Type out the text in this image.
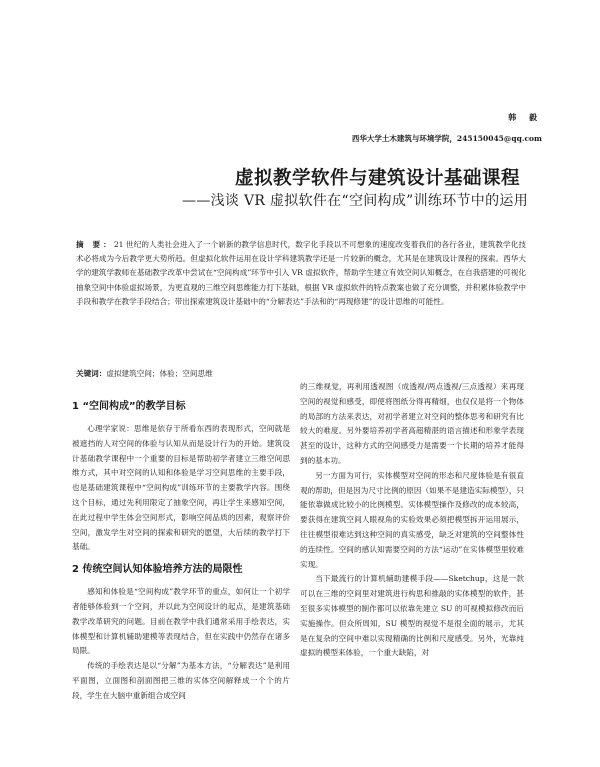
韩 毅
西华大学土木建筑与环境学院，245150045@qq.com
虚拟教学软件与建筑设计基础课程
——浅谈 VR 虚拟软件在“空间构成”训练环节中的运用
摘 要：21 世纪的人类社会进入了一个崭新的教学信息时代，数字化手段以不可想象的速度改变着我们的各行各业，建筑教学化技术必将成为今后教学更大势所趋。但虚拟化软件运用在设计学科建筑教学还是一片较新的概念，尤其是在建筑设计课程的探索。西华大学的建筑学教师在基础教学改革中尝试在“空间构成”环节中引入 VR 虚拟软件，帮助学生建立有效空间认知概念，在自我搭建的可视化抽象空间中体验虚拟场景，为更直观的三维空间思维能力打下基础，根据 VR 虚拟软件的特点教案也做了充分调整，并积累体验教学中手段和教学在教学手段结合；带出探索建筑设计基础中的“分解表达”手法和的“再现修建”的设计思维的可能性。
关键词：虚拟建筑空间；体验；空间思维
1 “空间构成”的教学目标

心理学家说：思维是依存于所看东西的表现形式，空间就是被遮挡的人对空间的体验与认知从而是设计行为的开始。建筑设计基础教学课程中一个重要的目标是帮助初学者建立三维空间思维方式，其中对空间的认知和体验是学习空间思维的主要手段，也是基础建筑课程中“空间构成”训练环节的主要教学内容。围绕这个目标，通过先利用限定了抽象空间，再让学生来感知空间，在此过程中学生体会空间形式，影响空间品质的因素，观察评价空间，激发学生对空间的探索和研究的愿望，大后续的教学打下基础。

2 传统空间认知体验培养方法的局限性

感知和体验是“空间构成”教学环节的重点，如何让一个初学者能够体验到一个空间，并以此为空间设计的起点，是建筑基础教学改革研究的问题。目前在教学中我们通常采用手绘表达，实体模型和计算机辅助建模等表现结合，但在实践中仍然存在诸多局限。

传统的手绘表达是以“分解”为基本方法，“分解表达”是利用平面图，立面图和剖面图把三维的实体空间解释成一个个的片段，学生在大脑中重新组合成空间

的三维视觉，再利用透视图（成透视/两点透视/三点透视）来再现空间的视觉和感受，即使将图纸分得再精细，也仅仅是将一个物体的局部的方法来表达，对初学者建立对空间的整体思考和研究有比较大的难度。另外要培养初学者高超精湛的语言描述和形象学表现甚至的设计，这种方式的空间感受力是需要一个长期的培养才能得到的基本功。

另一方面为可行，实体模型对空间的形态和尺度体验是有很直观的帮助，但是因为尺寸比例的原因（如果不是建造实际模型），只能依靠做成比较小的比例模型。实体模型操作及修改的成本较高，要获得在建筑空间人眼视角的实验效果必须把模型拆开运用展示，往往模型很难达到这种空间的真实感受，缺乏对建筑的空间整体性的连续性。空间的感认知需要空间的方法“运动”在实体模型里较难实现。

当下最流行的计算机辅助建模手段——Sketchup，这是一款可以在三维的空间里对建筑进行构思和推敲的实体模型的软件，甚至很多实体模型的制作都可以依靠先建立 SU 的可视模拟修改而后实施操作。但众所周知，SU 模型的视觉不是很全面的展示，尤其是在复杂的空间中难以实现精确的比例和尺度感受。另外，光靠纯虚拟的模型来体验，一个重大缺陷，对
